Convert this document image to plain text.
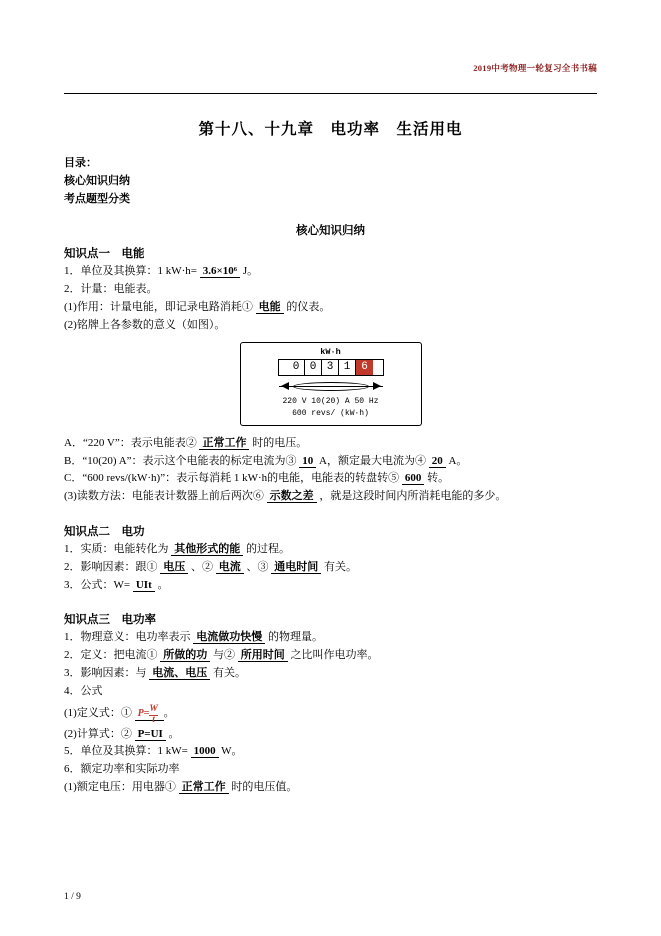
2019中考物理一轮复习全书书稿
第十八、十九章　电功率　生活用电

目录：

核心知识归纳

考点题型分类

核心知识归纳
知识点一　电能

1．单位及其换算：1 kW·h= 3.6×10⁶ J。

2．计量：电能表。

(1)作用：计量电能，即记录电路消耗① 电能 的仪表。

(2)铭牌上各参数的意义（如图）。

kW·h
0 0 3 1 6
220 V 10(20) A 50 Hz
600 revs/ (kW·h)

A．“220 V”：表示电能表② 正常工作 时的电压。

B．“10(20) A”：表示这个电能表的标定电流为③ 10 A，额定最大电流为④ 20 A。

C．“600 revs/(kW·h)”：表示每消耗 1 kW·h的电能，电能表的转盘转⑤ 600 转。

(3)读数方法：电能表计数器上前后两次⑥ 示数之差 ，就是这段时间内所消耗电能的多少。

知识点二　电功

1．实质：电能转化为 其他形式的能 的过程。

2．影响因素：跟① 电压 、② 电流 、③ 通电时间 有关。

3．公式：W= UIt 。

知识点三　电功率

1．物理意义：电功率表示 电流做功快慢 的物理量。

2．定义：把电流① 所做的功 与② 所用时间 之比叫作电功率。

3．影响因素：与 电流、电压 有关。

4．公式

(1)定义式：① $P= \frac{W}{t}$ 。

(2)计算式：② P=UI 。

5．单位及其换算：1 kW= 1000 W。

6．额定功率和实际功率

(1)额定电压：用电器① 正常工作 时的电压值。

1 / 9
